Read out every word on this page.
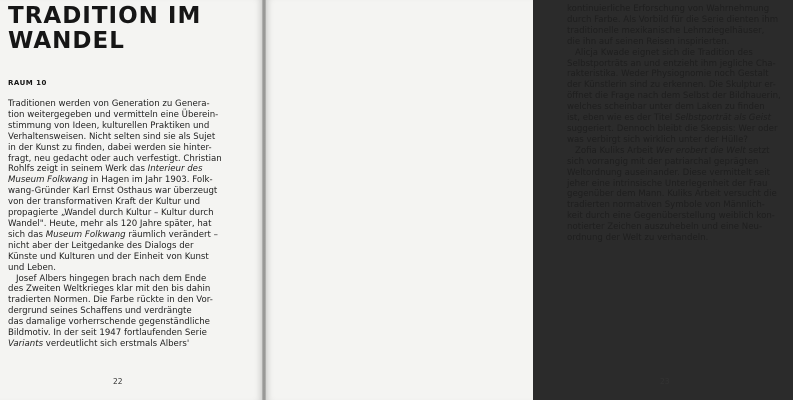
TRADITION IM
WANDEL
RAUM 10
Traditionen werden von Generation zu Genera-
tion weitergegeben und vermitteln eine Überein-
stimmung von Ideen, kulturellen Praktiken und
Verhaltensweisen. Nicht selten sind sie als Sujet
in der Kunst zu finden, dabei werden sie hinter-
fragt, neu gedacht oder auch verfestigt. Christian
Rohlfs zeigt in seinem Werk das Interieur des
Museum Folkwang in Hagen im Jahr 1903. Folk-
wang-Gründer Karl Ernst Osthaus war überzeugt
von der transformativen Kraft der Kultur und
propagierte „Wandel durch Kultur – Kultur durch
Wandel". Heute, mehr als 120 Jahre später, hat
sich das Museum Folkwang räumlich verändert –
nicht aber der Leitgedanke des Dialogs der
Künste und Kulturen und der Einheit von Kunst
und Leben.
Josef Albers hingegen brach nach dem Ende
des Zweiten Weltkrieges klar mit den bis dahin
tradierten Normen. Die Farbe rückte in den Vor-
dergrund seines Schaffens und verdrängte
das damalige vorherrschende gegenständliche
Bildmotiv. In der seit 1947 fortlaufenden Serie
Variants verdeutlicht sich erstmals Albers'
22
kontinuierliche Erforschung von Wahrnehmung
durch Farbe. Als Vorbild für die Serie dienten ihm
traditionelle mexikanische Lehmziegelhäuser,
die ihn auf seinen Reisen inspirierten.
Alicja Kwade eignet sich die Tradition des
Selbstporträts an und entzieht ihm jegliche Cha-
rakteristika. Weder Physiognomie noch Gestalt
der Künstlerin sind zu erkennen. Die Skulptur er-
öffnet die Frage nach dem Selbst der Bildhauerin,
welches scheinbar unter dem Laken zu finden
ist, eben wie es der Titel Selbstporträt als Geist
suggeriert. Dennoch bleibt die Skepsis: Wer oder
was verbirgt sich wirklich unter der Hülle?
Zofia Kuliks Arbeit Wer erobert die Welt setzt
sich vorrangig mit der patriarchal geprägten
Weltordnung auseinander. Diese vermittelt seit
jeher eine intrinsische Unterlegenheit der Frau
gegenüber dem Mann. Kuliks Arbeit versucht die
tradierten normativen Symbole von Männlich-
keit durch eine Gegenüberstellung weiblich kon-
notierter Zeichen auszuhebeln und eine Neu-
ordnung der Welt zu verhandeln.
23
